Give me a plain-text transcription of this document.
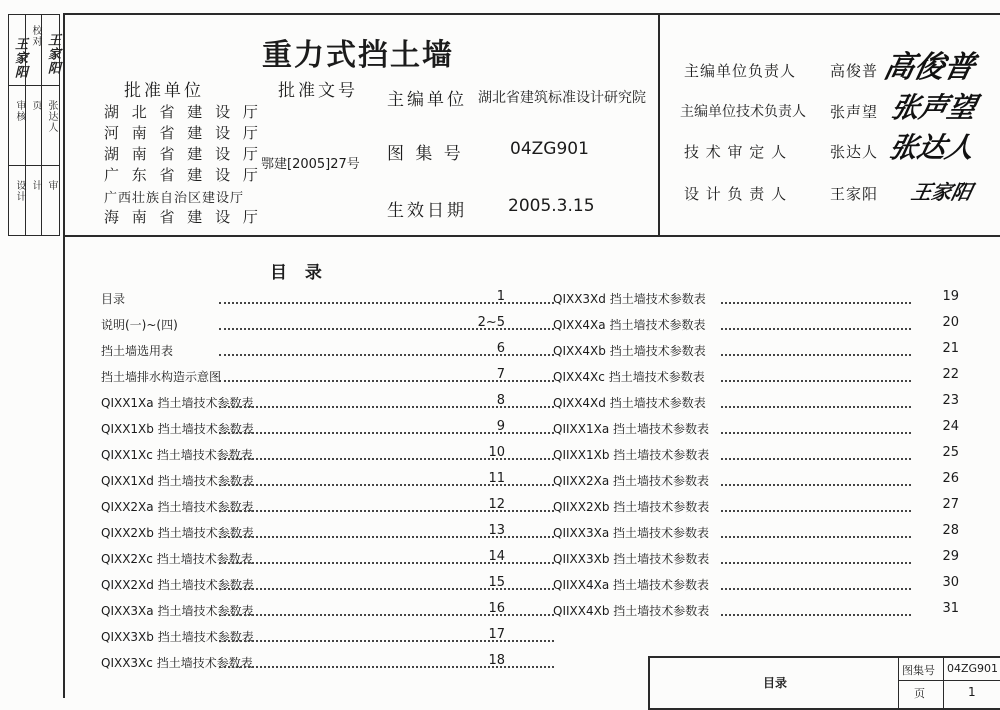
王家阳
校对 王家阳
审核 页 张达人
设计 计 审
重力式挡土墙
批准单位
湖 北 省 建 设 厅
河 南 省 建 设 厅
湖 南 省 建 设 厅
广 东 省 建 设 厅
广西壮族自治区建设厅
海 南 省 建 设 厅
批准文号
鄂建[2005]27号
主编单位 湖北省建筑标准设计研究院
图 集 号	04ZG901
生效日期 2005.3.15
主编单位负责人 高俊普 高俊普
主编单位技术负责人 张声望 张声望
技 术 审 定 人	张达人 张达人
设 计 负 责 人	王家阳 王家阳
目 录
目录	1
说明(一)~(四)	2~5
挡土墙选用表	6
挡土墙排水构造示意图	7
QIXX1Xa 挡土墙技术参数表	8
QIXX1Xb 挡土墙技术参数表	9
QIXX1Xc 挡土墙技术参数表	10
QIXX1Xd 挡土墙技术参数表	11
QIXX2Xa 挡土墙技术参数表	12
QIXX2Xb 挡土墙技术参数表	13
QIXX2Xc 挡土墙技术参数表	14
QIXX2Xd 挡土墙技术参数表	15
QIXX3Xa 挡土墙技术参数表	16
QIXX3Xb 挡土墙技术参数表	17
QIXX3Xc 挡土墙技术参数表	18
QIXX3Xd 挡土墙技术参数表	19
QIXX4Xa 挡土墙技术参数表	20
QIXX4Xb 挡土墙技术参数表	21
QIXX4Xc 挡土墙技术参数表	22
QIXX4Xd 挡土墙技术参数表	23
QIIXX1Xa 挡土墙技术参数表	24
QIIXX1Xb 挡土墙技术参数表	25
QIIXX2Xa 挡土墙技术参数表	26
QIIXX2Xb 挡土墙技术参数表	27
QIIXX3Xa 挡土墙技术参数表	28
QIIXX3Xb 挡土墙技术参数表	29
QIIXX4Xa 挡土墙技术参数表	30
QIIXX4Xb 挡土墙技术参数表	31
目录
图集号 04ZG901
页	1
